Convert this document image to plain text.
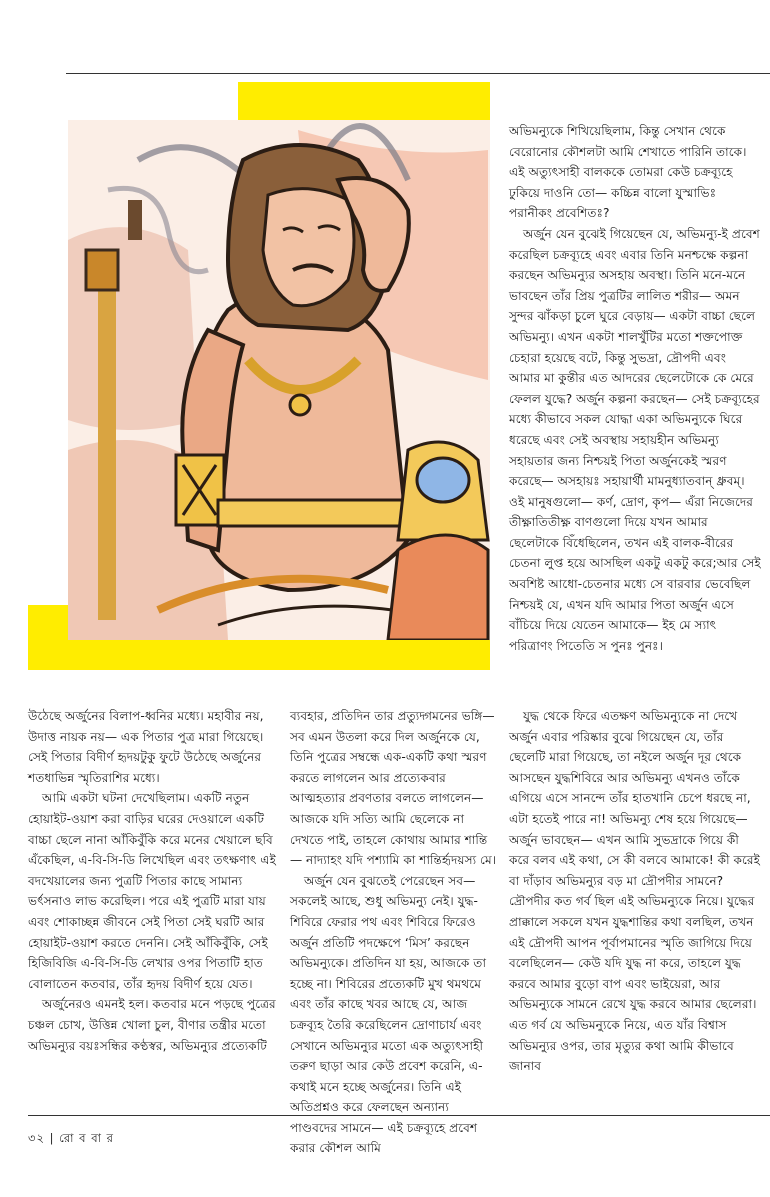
অভিমন্যুকে শিখিয়েছিলাম, কিন্তু সেখান থেকে বেরোনোর কৌশলটা আমি শেখাতে পারিনি তাকে। এই অত্যুৎসাহী বালককে তোমরা কেউ চক্রব্যূহে ঢুকিয়ে দাওনি তো— কচ্চিন্ন বালো যুস্মাভিঃ পরানীকং প্রবেশিতঃ?

অর্জুন যেন বুঝেই গিয়েছেন যে, অভিমন্যু-ই প্রবেশ করেছিল চক্রব্যূহে এবং এবার তিনি মনশ্চক্ষে কল্পনা করছেন অভিমন্যুর অসহায় অবস্থা। তিনি মনে-মনে ভাবছেন তাঁর প্রিয় পুত্রটির লালিত শরীর— অমন সুন্দর ঝাঁকড়া চুলে ঘুরে বেড়ায়— একটা বাচ্চা ছেলে অভিমন্যু। এখন একটা শালখুঁটির মতো শক্তপোক্ত চেহারা হয়েছে বটে, কিন্তু সুভদ্রা, দ্রৌপদী এবং আমার মা কুন্তীর এত আদরের ছেলেটোকে কে মেরে ফেলল যুদ্ধে? অর্জুন কল্পনা করছেন— সেই চক্রব্যূহের মধ্যে কীভাবে সকল যোদ্ধা একা অভিমন্যুকে ঘিরে ধরেছে এবং সেই অবস্থায় সহায়হীন অভিমন্যু সহায়তার জন্য নিশ্চয়ই পিতা অর্জুনকেই স্মরণ করেছে— অসহায়ঃ সহায়ার্থী মামনুধ্যাতবান্ ধ্রুবম্। ওই মানুষগুলো— কর্ণ, দ্রোণ, কৃপ— এঁরা নিজেদের তীক্ষ্ণাতিতীক্ষ্ণ বাণগুলো দিয়ে যখন আমার ছেলেটাকে বিঁধেছিলেন, তখন এই বালক-বীরের চেতনা লুপ্ত হয়ে আসছিল একটু একটু করে;আর সেই অবশিষ্ট আধো-চেতনার মধ্যে সে বারবার ভেবেছিল নিশ্চয়ই যে, এখন যদি আমার পিতা অর্জুন এসে বাঁচিয়ে দিয়ে যেতেন আমাকে— ইহ মে স্যাৎ পরিত্রাণং পিতেতি স পুনঃ পুনঃ।

উঠেছে অর্জুনের বিলাপ-ধ্বনির মধ্যে। মহাবীর নয়, উদাত্ত নায়ক নয়— এক পিতার পুত্র মারা গিয়েছে। সেই পিতার বিদীর্ণ হৃদয়টুকু ফুটে উঠেছে অর্জুনের শতধাভিন্ন স্মৃতিরাশির মধ্যে।

আমি একটা ঘটনা দেখেছিলাম। একটি নতুন হোয়াইট-ওয়াশ করা বাড়ির ঘরের দেওয়ালে একটি বাচ্চা ছেলে নানা আঁকিবুঁকি করে মনের খেয়ালে ছবি এঁকেছিল, এ-বি-সি-ডি লিখেছিল এবং তৎক্ষণাৎ এই বদখেয়ালের জন্য পুত্রটি পিতার কাছে সামান্য ভর্ৎসনাও লাভ করেছিল। পরে এই পুত্রটি মারা যায় এবং শোকাচ্ছন্ন জীবনে সেই পিতা সেই ঘরটি আর হোয়াইট-ওয়াশ করতে দেননি। সেই আঁকিবুঁকি, সেই হিজিবিজি এ-বি-সি-ডি লেখার ওপর পিতাটি হাত বোলাতেন কতবার, তাঁর হৃদয় বিদীর্ণ হয়ে যেত।

অর্জুনেরও এমনই হল। কতবার মনে পড়ছে পুত্রের চঞ্চল চোখ, উত্তিন্ন খোলা চুল, বীণার তন্ত্রীর মতো অভিমন্যুর বয়ঃসন্ধির কণ্ঠস্বর, অভিমন্যুর প্রত্যেকটি

ব্যবহার, প্রতিদিন তার প্রত্যুদ্গমনের ভঙ্গি— সব এমন উতলা করে দিল অর্জুনকে যে, তিনি পুত্রের সম্বন্ধে এক-একটি কথা স্মরণ করতে লাগলেন আর প্রত্যেকবার আত্মহত্যার প্রবণতার বলতে লাগলেন— আজকে যদি সত্যি আমি ছেলেকে না দেখতে পাই, তাহলে কোথায় আমার শান্তি— নাদ্যাহং যদি পশ্যামি কা শান্তির্হৃদয়স্য মে।

অর্জুন যেন বুঝতেই পেরেছেন সব— সকলেই আছে, শুধু অভিমন্যু নেই। যুদ্ধ-শিবিরে ফেরার পথ এবং শিবিরে ফিরেও অর্জুন প্রতিটি পদক্ষেপে ‘মিস’ করছেন অভিমন্যুকে। প্রতিদিন যা হয়, আজকে তা হচ্ছে না। শিবিরের প্রত্যেকটি মুখ থমথমে এবং তাঁর কাছে খবর আছে যে, আজ চক্রব্যূহ তৈরি করেছিলেন দ্রোণাচার্য এবং সেখানে অভিমন্যুর মতো এক অত্যুৎসাহী তরুণ ছাড়া আর কেউ প্রবেশ করেনি, এ-কথাই মনে হচ্ছে অর্জুনের। তিনি এই অতিপ্রশ্নও করে ফেলছেন অন্যান্য পাণ্ডবদের সামনে— এই চক্রব্যূহে প্রবেশ করার কৌশল আমি

যুদ্ধ থেকে ফিরে এতক্ষণ অভিমন্যুকে না দেখে অর্জুন এবার পরিষ্কার বুঝে গিয়েছেন যে, তাঁর ছেলেটি মারা গিয়েছে, তা নইলে অর্জুন দূর থেকে আসছেন যুদ্ধশিবিরে আর অভিমন্যু এখনও তাঁকে এগিয়ে এসে সানন্দে তাঁর হাতখানি চেপে ধরছে না, এটা হতেই পারে না! অভিমন্যু শেষ হয়ে গিয়েছে— অর্জুন ভাবছেন— এখন আমি সুভদ্রাকে গিয়ে কী করে বলব এই কথা, সে কী বলবে আমাকে! কী করেই বা দাঁড়াব অভিমন্যুর বড় মা দ্রৌপদীর সামনে? দ্রৌপদীর কত গর্ব ছিল এই অভিমন্যুকে নিয়ে। যুদ্ধের প্রাক্কালে সকলে যখন যুদ্ধশান্তির কথা বলছিল, তখন এই দ্রৌপদী আপন পূর্বাপমানের স্মৃতি জাগিয়ে দিয়ে বলেছিলেন— কেউ যদি যুদ্ধ না করে, তাহলে যুদ্ধ করবে আমার বুড়ো বাপ এবং ভাইয়েরা, আর অভিমন্যুকে সামনে রেখে যুদ্ধ করবে আমার ছেলেরা। এত গর্ব যে অভিমন্যুকে নিয়ে, এত যাঁর বিশ্বাস অভিমন্যুর ওপর, তার মৃত্যুর কথা আমি কীভাবে জানাব

৩২ | রো ব বা র
